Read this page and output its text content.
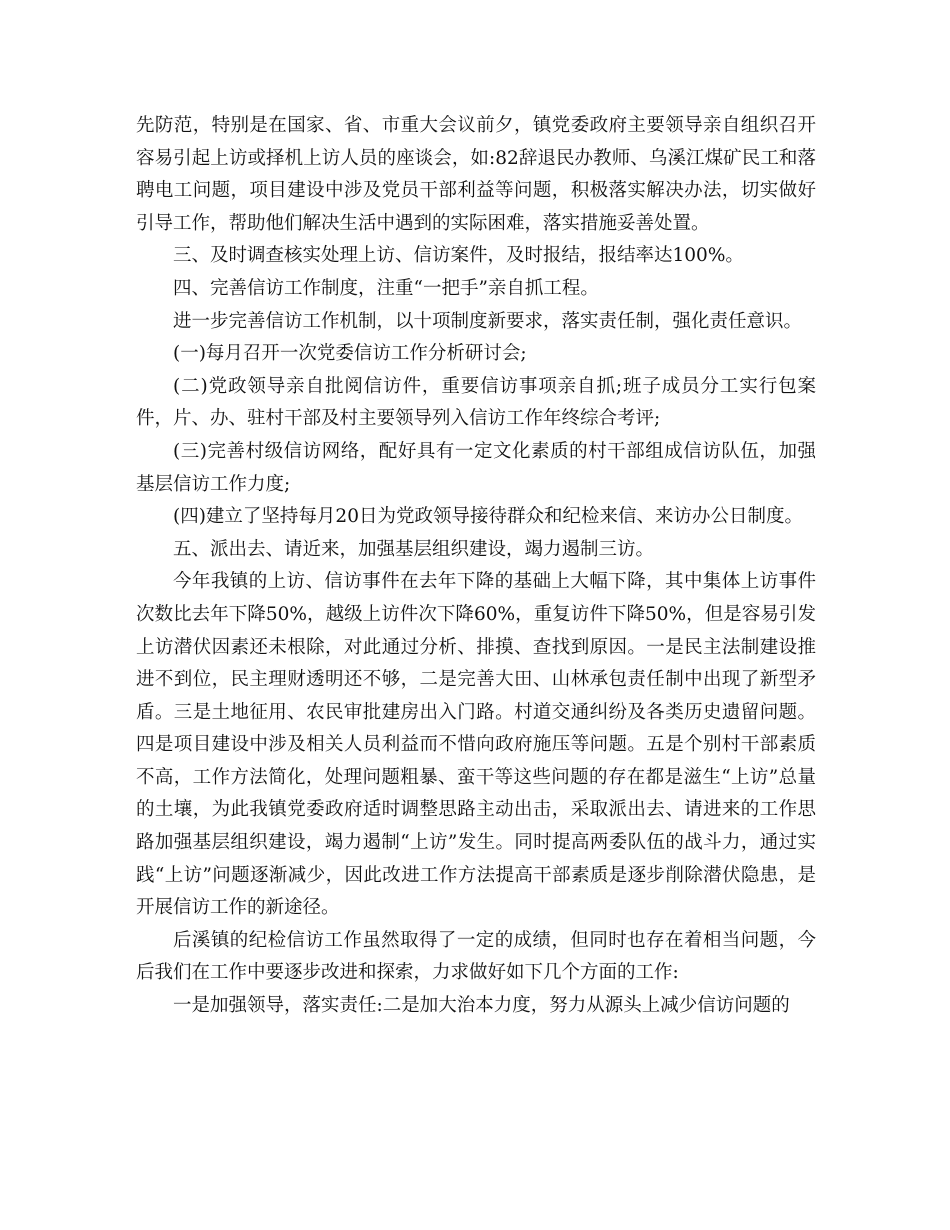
先防范，特别是在国家、省、市重大会议前夕，镇党委政府主要领导亲自组织召开容易引起上访或择机上访人员的座谈会，如:82辞退民办教师、乌溪江煤矿民工和落聘电工问题，项目建设中涉及党员干部利益等问题，积极落实解决办法，切实做好引导工作，帮助他们解决生活中遇到的实际困难，落实措施妥善处置。

三、及时调查核实处理上访、信访案件，及时报结，报结率达100%。

四、完善信访工作制度，注重“一把手”亲自抓工程。

进一步完善信访工作机制，以十项制度新要求，落实责任制，强化责任意识。

(一)每月召开一次党委信访工作分析研讨会;

(二)党政领导亲自批阅信访件，重要信访事项亲自抓;班子成员分工实行包案件，片、办、驻村干部及村主要领导列入信访工作年终综合考评;

(三)完善村级信访网络，配好具有一定文化素质的村干部组成信访队伍，加强基层信访工作力度;

(四)建立了坚持每月20日为党政领导接待群众和纪检来信、来访办公日制度。

五、派出去、请近来，加强基层组织建设，竭力遏制三访。

今年我镇的上访、信访事件在去年下降的基础上大幅下降，其中集体上访事件次数比去年下降50%，越级上访件次下降60%，重复访件下降50%，但是容易引发上访潜伏因素还未根除，对此通过分析、排摸、查找到原因。一是民主法制建设推进不到位，民主理财透明还不够，二是完善大田、山林承包责任制中出现了新型矛盾。三是土地征用、农民审批建房出入门路。村道交通纠纷及各类历史遗留问题。四是项目建设中涉及相关人员利益而不惜向政府施压等问题。五是个别村干部素质不高，工作方法简化，处理问题粗暴、蛮干等这些问题的存在都是滋生“上访”总量的土壤，为此我镇党委政府适时调整思路主动出击，采取派出去、请进来的工作思路加强基层组织建设，竭力遏制“上访”发生。同时提高两委队伍的战斗力，通过实践“上访”问题逐渐减少，因此改进工作方法提高干部素质是逐步削除潜伏隐患，是开展信访工作的新途径。

后溪镇的纪检信访工作虽然取得了一定的成绩，但同时也存在着相当问题，今后我们在工作中要逐步改进和探索，力求做好如下几个方面的工作:

一是加强领导，落实责任:二是加大治本力度，努力从源头上减少信访问题的
